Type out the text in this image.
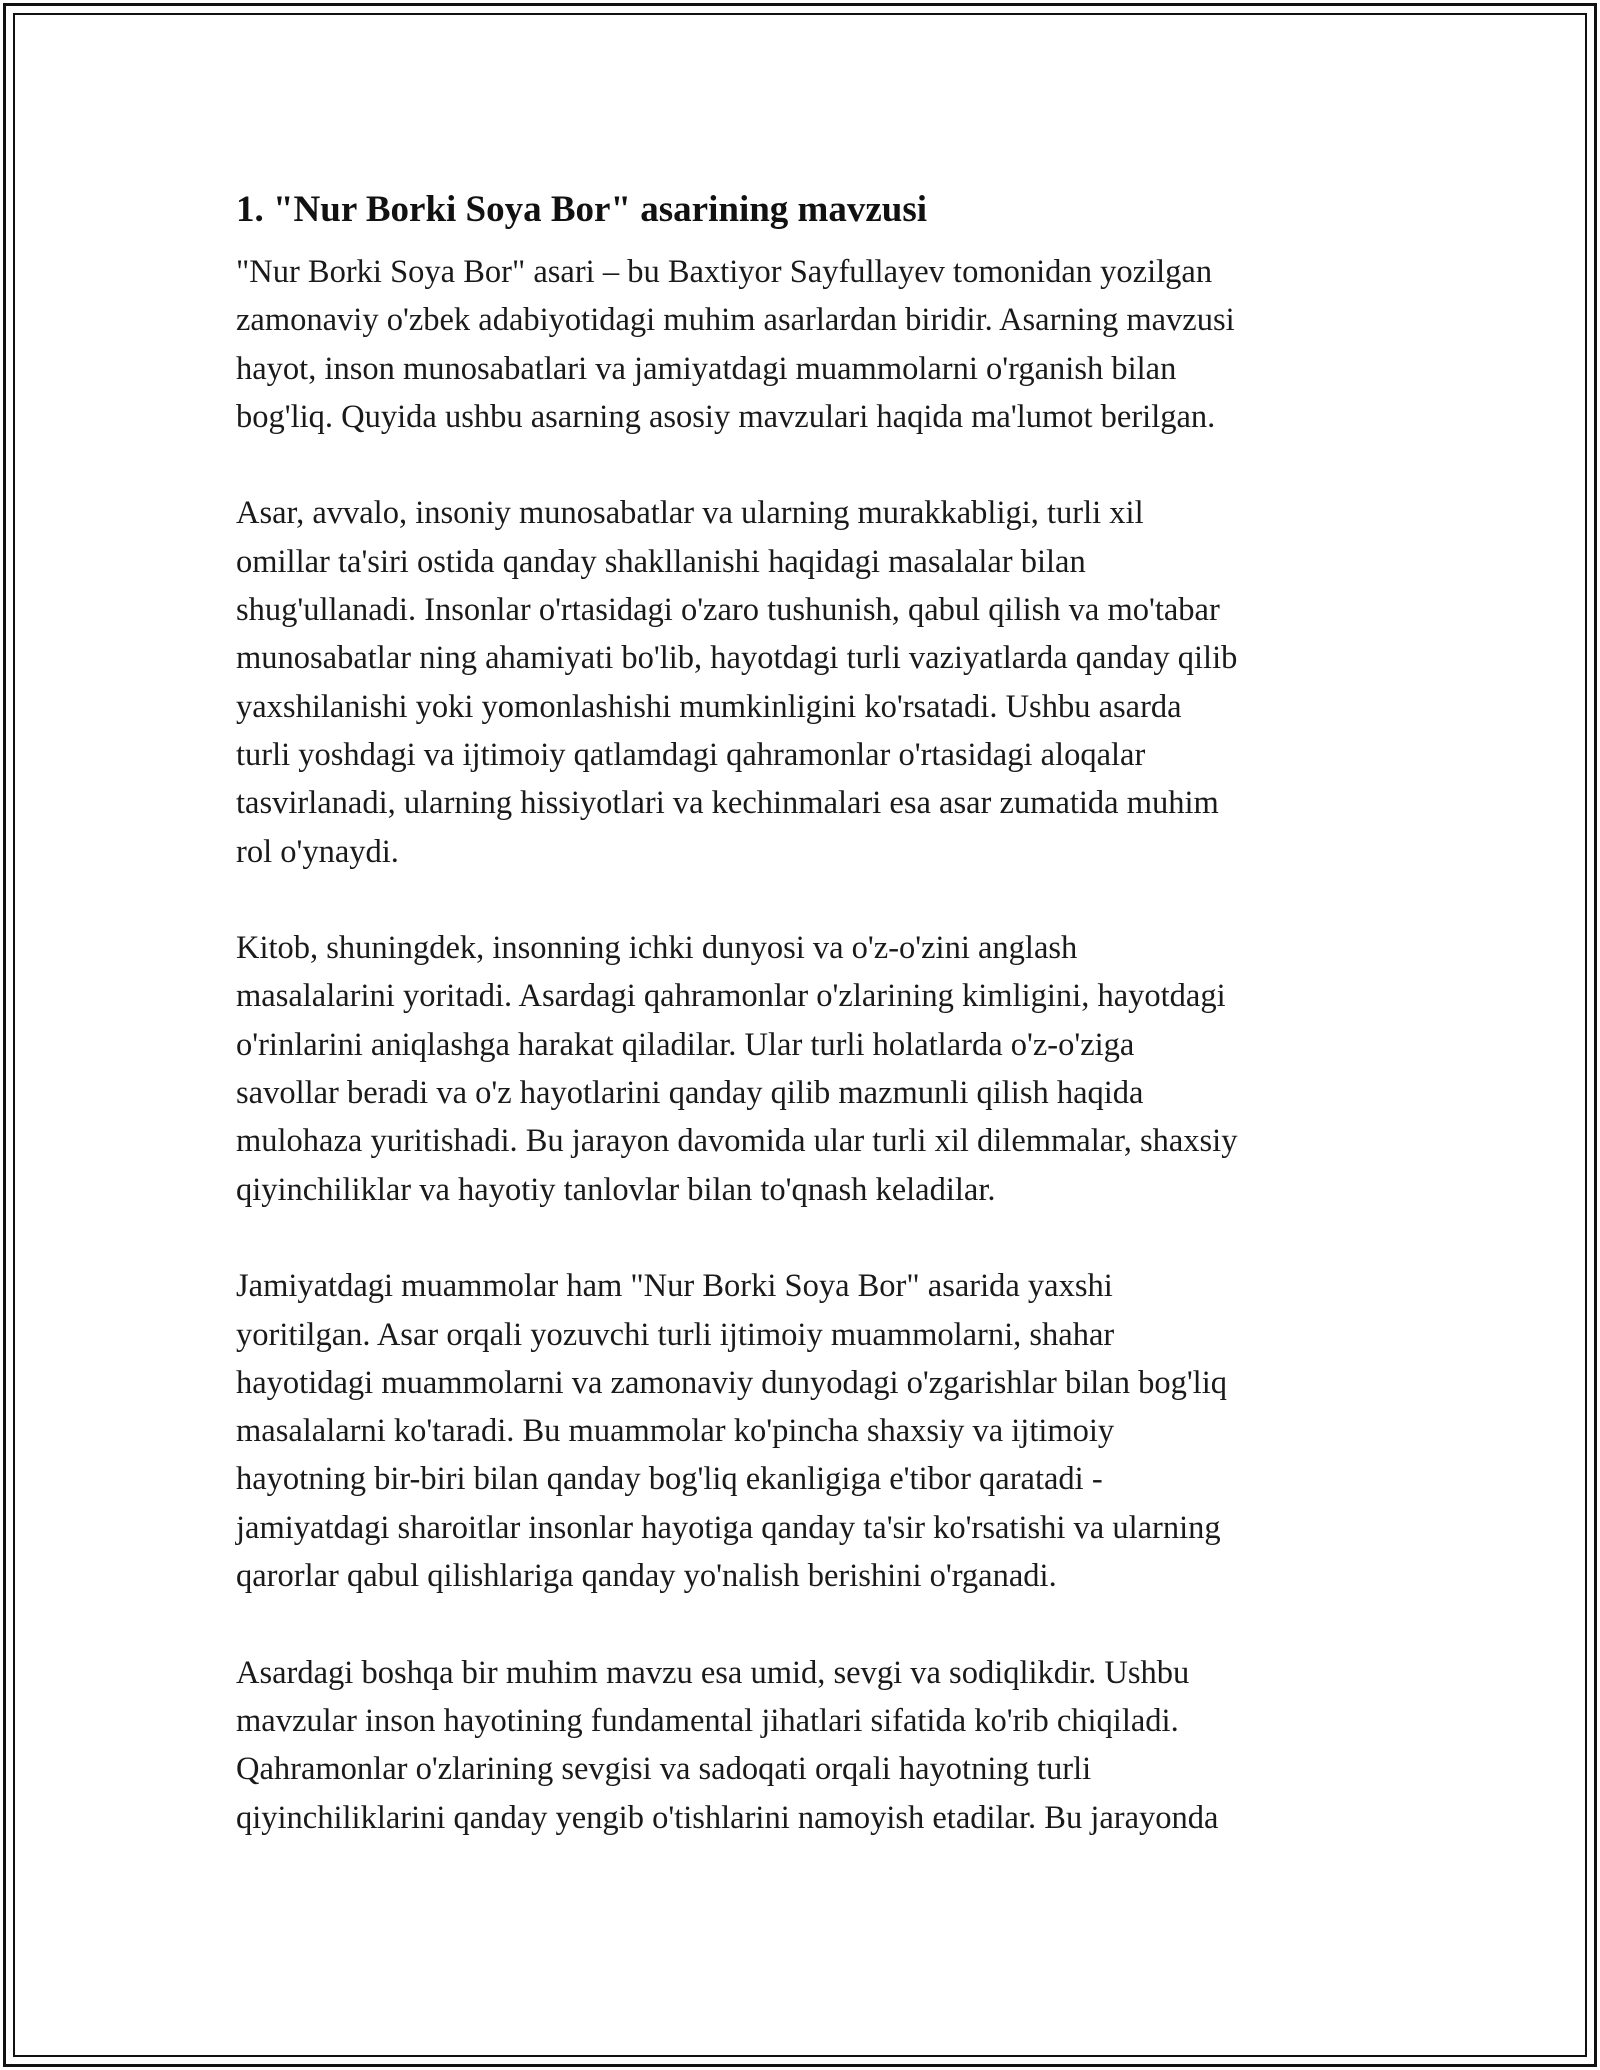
1. "Nur Borki Soya Bor" asarining mavzusi
"Nur Borki Soya Bor" asari – bu Baxtiyor Sayfullayev tomonidan yozilgan
zamonaviy o'zbek adabiyotidagi muhim asarlardan biridir. Asarning mavzusi
hayot, inson munosabatlari va jamiyatdagi muammolarni o'rganish bilan
bog'liq. Quyida ushbu asarning asosiy mavzulari haqida ma'lumot berilgan.
Asar, avvalo, insoniy munosabatlar va ularning murakkabligi, turli xil
omillar ta'siri ostida qanday shakllanishi haqidagi masalalar bilan
shug'ullanadi. Insonlar o'rtasidagi o'zaro tushunish, qabul qilish va mo'tabar
munosabatlar ning ahamiyati bo'lib, hayotdagi turli vaziyatlarda qanday qilib
yaxshilanishi yoki yomonlashishi mumkinligini ko'rsatadi. Ushbu asarda
turli yoshdagi va ijtimoiy qatlamdagi qahramonlar o'rtasidagi aloqalar
tasvirlanadi, ularning hissiyotlari va kechinmalari esa asar zumatida muhim
rol o'ynaydi.
Kitob, shuningdek, insonning ichki dunyosi va o'z-o'zini anglash
masalalarini yoritadi. Asardagi qahramonlar o'zlarining kimligini, hayotdagi
o'rinlarini aniqlashga harakat qiladilar. Ular turli holatlarda o'z-o'ziga
savollar beradi va o'z hayotlarini qanday qilib mazmunli qilish haqida
mulohaza yuritishadi. Bu jarayon davomida ular turli xil dilemmalar, shaxsiy
qiyinchiliklar va hayotiy tanlovlar bilan to'qnash keladilar.
Jamiyatdagi muammolar ham "Nur Borki Soya Bor" asarida yaxshi
yoritilgan. Asar orqali yozuvchi turli ijtimoiy muammolarni, shahar
hayotidagi muammolarni va zamonaviy dunyodagi o'zgarishlar bilan bog'liq
masalalarni ko'taradi. Bu muammolar ko'pincha shaxsiy va ijtimoiy
hayotning bir-biri bilan qanday bog'liq ekanligiga e'tibor qaratadi -
jamiyatdagi sharoitlar insonlar hayotiga qanday ta'sir ko'rsatishi va ularning
qarorlar qabul qilishlariga qanday yo'nalish berishini o'rganadi.
Asardagi boshqa bir muhim mavzu esa umid, sevgi va sodiqlikdir. Ushbu
mavzular inson hayotining fundamental jihatlari sifatida ko'rib chiqiladi.
Qahramonlar o'zlarining sevgisi va sadoqati orqali hayotning turli
qiyinchiliklarini qanday yengib o'tishlarini namoyish etadilar. Bu jarayonda
